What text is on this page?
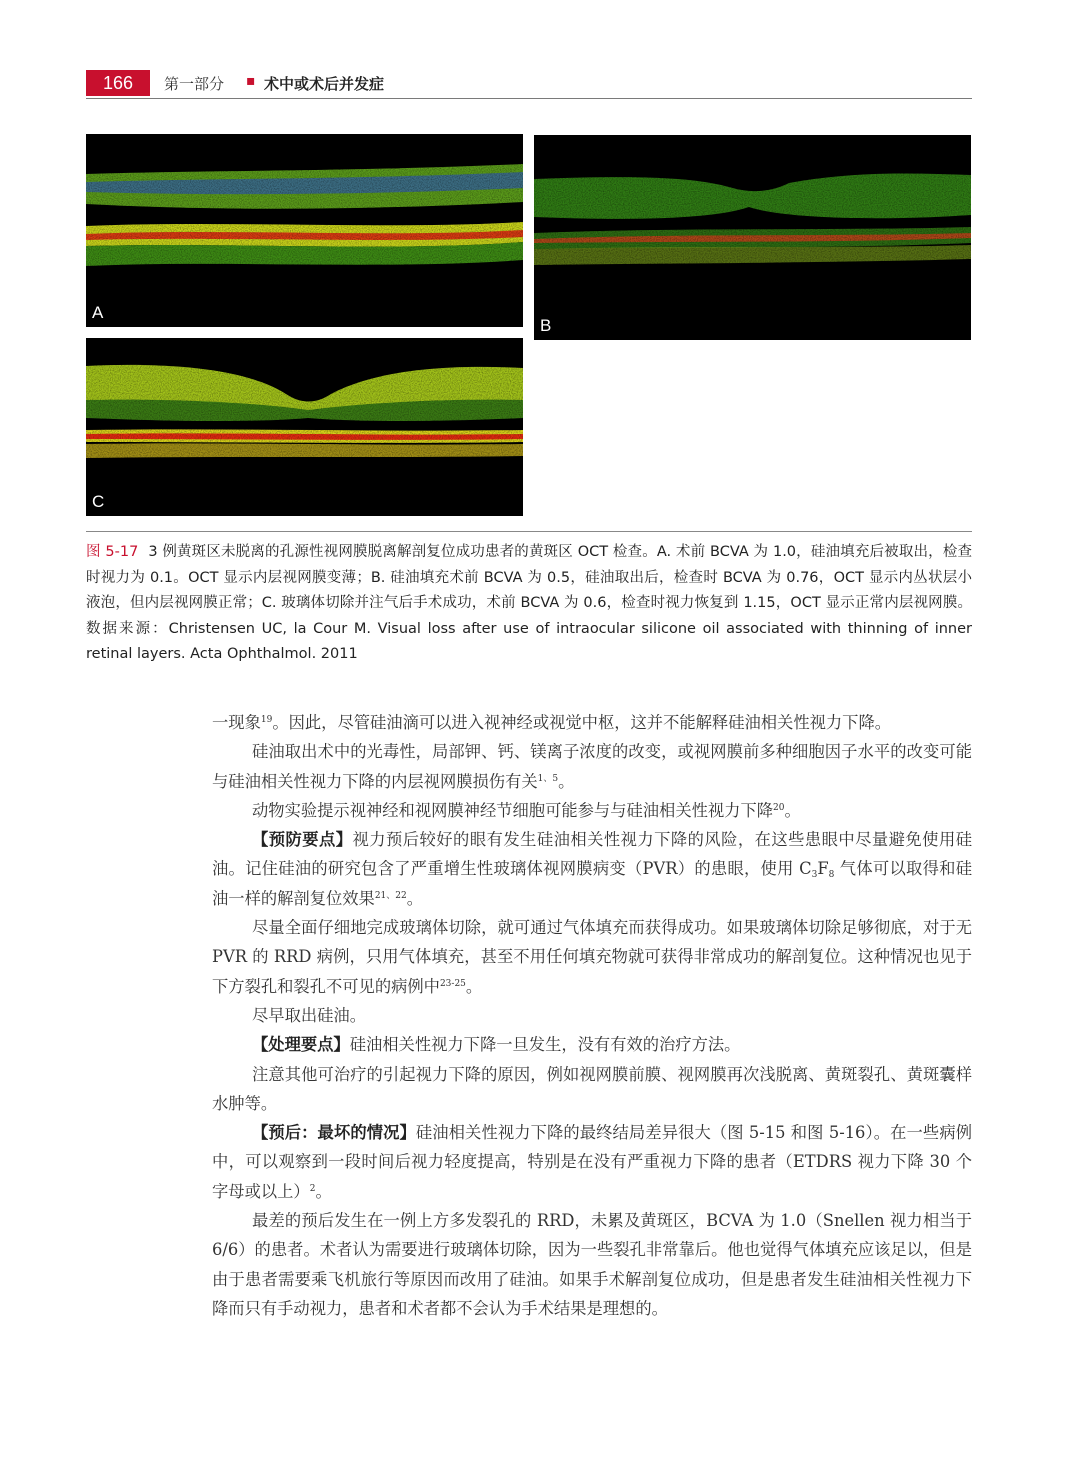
166	第一部分 ▪ 术中或术后并发症
A
B
C
图 5-17 3 例黄斑区未脱离的孔源性视网膜脱离解剖复位成功患者的黄斑区 OCT 检查。A. 术前 BCVA 为 1.0，硅油填充后被取出，检查时视力为 0.1。OCT 显示内层视网膜变薄；B. 硅油填充术前 BCVA 为 0.5，硅油取出后，检查时 BCVA 为 0.76，OCT 显示内丛状层小液泡，但内层视网膜正常；C. 玻璃体切除并注气后手术成功，术前 BCVA 为 0.6，检查时视力恢复到 1.15，OCT 显示正常内层视网膜。数据来源：Christensen UC, la Cour M. Visual loss after use of intraocular silicone oil associated with thinning of inner retinal layers. Acta Ophthalmol. 2011

一现象$^{19}$。因此，尽管硅油滴可以进入视神经或视觉中枢，这并不能解释硅油相关性视力下降。

硅油取出术中的光毒性，局部钾、钙、镁离子浓度的改变，或视网膜前多种细胞因子水平的改变可能与硅油相关性视力下降的内层视网膜损伤有关$^{1、5}$。

动物实验提示视神经和视网膜神经节细胞可能参与与硅油相关性视力下降$^{20}$。

【预防要点】视力预后较好的眼有发生硅油相关性视力下降的风险，在这些患眼中尽量避免使用硅油。记住硅油的研究包含了严重增生性玻璃体视网膜病变（PVR）的患眼，使用 $C_3F_8$ 气体可以取得和硅油一样的解剖复位效果$^{21、22}$。

尽量全面仔细地完成玻璃体切除，就可通过气体填充而获得成功。如果玻璃体切除足够彻底，对于无 PVR 的 RRD 病例，只用气体填充，甚至不用任何填充物就可获得非常成功的解剖复位。这种情况也见于下方裂孔和裂孔不可见的病例中$^{23-25}$。

尽早取出硅油。

【处理要点】硅油相关性视力下降一旦发生，没有有效的治疗方法。

注意其他可治疗的引起视力下降的原因，例如视网膜前膜、视网膜再次浅脱离、黄斑裂孔、黄斑囊样水肿等。

【预后：最坏的情况】硅油相关性视力下降的最终结局差异很大（图 5-15 和图 5-16）。在一些病例中，可以观察到一段时间后视力轻度提高，特别是在没有严重视力下降的患者（ETDRS 视力下降 30 个字母或以上）$^2$。

最差的预后发生在一例上方多发裂孔的 RRD，未累及黄斑区，BCVA 为 1.0（Snellen 视力相当于 6/6）的患者。术者认为需要进行玻璃体切除，因为一些裂孔非常靠后。他也觉得气体填充应该足以，但是由于患者需要乘飞机旅行等原因而改用了硅油。如果手术解剖复位成功，但是患者发生硅油相关性视力下降而只有手动视力，患者和术者都不会认为手术结果是理想的。
